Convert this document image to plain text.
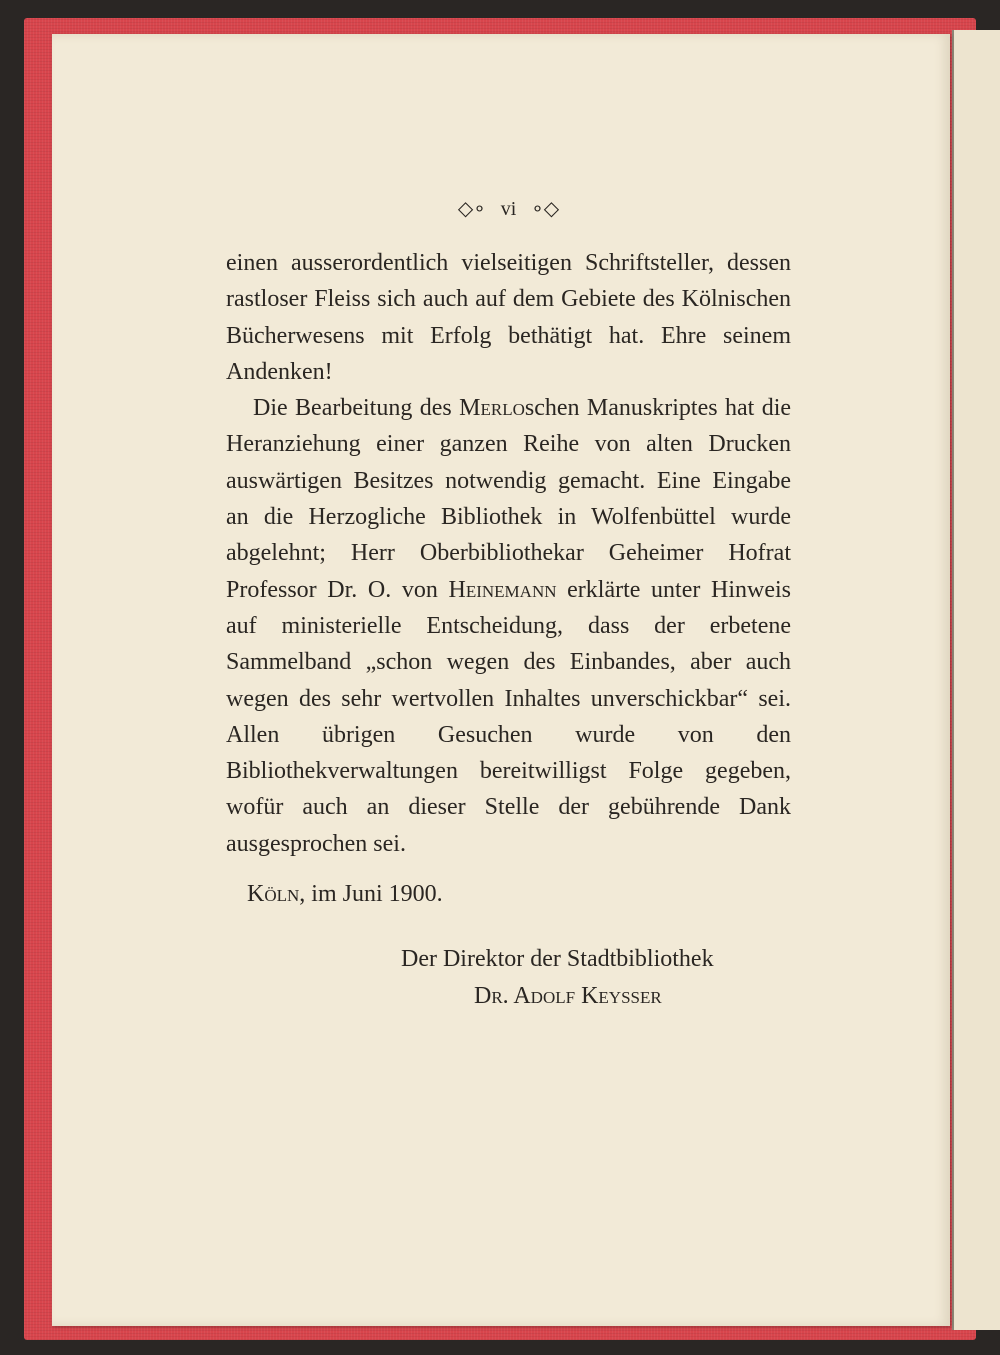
◇∘ vi ∘◇

einen ausserordentlich vielseitigen Schriftsteller, dessen rastloser Fleiss sich auch auf dem Gebiete des Kölnischen Bücherwesens mit Erfolg bethätigt hat. Ehre seinem Andenken!

Die Bearbeitung des Merloschen Manuskriptes hat die Heranziehung einer ganzen Reihe von alten Drucken auswärtigen Besitzes notwendig gemacht. Eine Eingabe an die Herzogliche Bibliothek in Wolfenbüttel wurde abgelehnt; Herr Oberbibliothekar Geheimer Hofrat Professor Dr. O. von Heinemann erklärte unter Hinweis auf ministerielle Entscheidung, dass der erbetene Sammelband „schon wegen des Einbandes, aber auch wegen des sehr wertvollen Inhaltes unverschickbar“ sei. Allen übrigen Gesuchen wurde von den Bibliothekverwaltungen bereitwilligst Folge gegeben, wofür auch an dieser Stelle der gebührende Dank ausgesprochen sei.

Köln, im Juni 1900.

Der Direktor der Stadtbibliothek
Dr. Adolf Keysser
